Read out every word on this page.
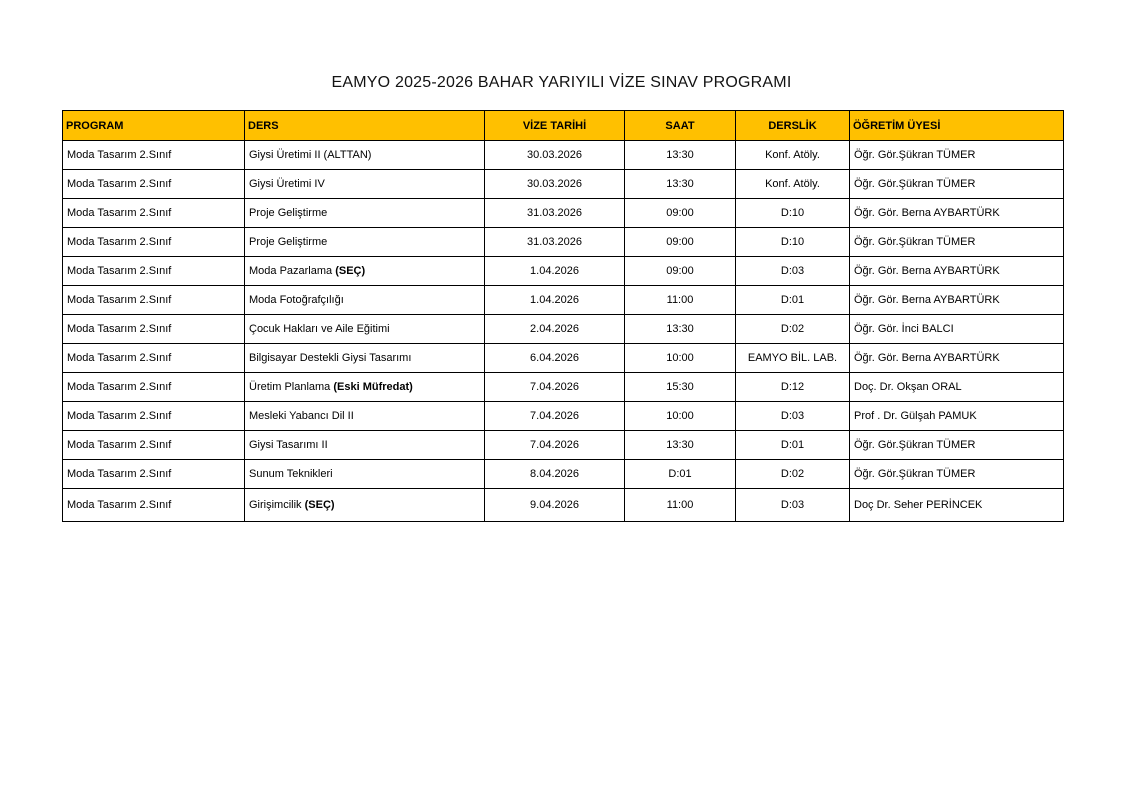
EAMYO 2025-2026 BAHAR YARIYILI VİZE SINAV PROGRAMI
PROGRAM	DERS	VİZE TARİHİ	SAAT	DERSLİK	ÖĞRETİM ÜYESİ
Moda Tasarım 2.Sınıf	Giysi Üretimi II (ALTTAN)	30.03.2026	13:30	Konf. Atöly.	Öğr. Gör.Şükran TÜMER
Moda Tasarım 2.Sınıf	Giysi Üretimi IV	30.03.2026	13:30	Konf. Atöly.	Öğr. Gör.Şükran TÜMER
Moda Tasarım 2.Sınıf	Proje Geliştirme	31.03.2026	09:00	D:10	Öğr. Gör. Berna AYBARTÜRK
Moda Tasarım 2.Sınıf	Proje Geliştirme	31.03.2026	09:00	D:10	Öğr. Gör.Şükran TÜMER
Moda Tasarım 2.Sınıf	Moda Pazarlama (SEÇ)	1.04.2026	09:00	D:03	Öğr. Gör. Berna AYBARTÜRK
Moda Tasarım 2.Sınıf	Moda Fotoğrafçılığı	1.04.2026	11:00	D:01	Öğr. Gör. Berna AYBARTÜRK
Moda Tasarım 2.Sınıf	Çocuk Hakları ve Aile Eğitimi	2.04.2026	13:30	D:02	Öğr. Gör. İnci BALCI
Moda Tasarım 2.Sınıf	Bilgisayar Destekli Giysi Tasarımı	6.04.2026	10:00	EAMYO BİL. LAB.	Öğr. Gör. Berna AYBARTÜRK
Moda Tasarım 2.Sınıf	Üretim Planlama (Eski Müfredat)	7.04.2026	15:30	D:12	Doç. Dr. Okşan ORAL
Moda Tasarım 2.Sınıf	Mesleki Yabancı Dil II	7.04.2026	10:00	D:03	Prof . Dr. Gülşah PAMUK
Moda Tasarım 2.Sınıf	Giysi Tasarımı II	7.04.2026	13:30	D:01	Öğr. Gör.Şükran TÜMER
Moda Tasarım 2.Sınıf	Sunum Teknikleri	8.04.2026	D:01	D:02	Öğr. Gör.Şükran TÜMER
Moda Tasarım 2.Sınıf	Girişimcilik (SEÇ)	9.04.2026	11:00	D:03	Doç Dr. Seher PERİNCEK
